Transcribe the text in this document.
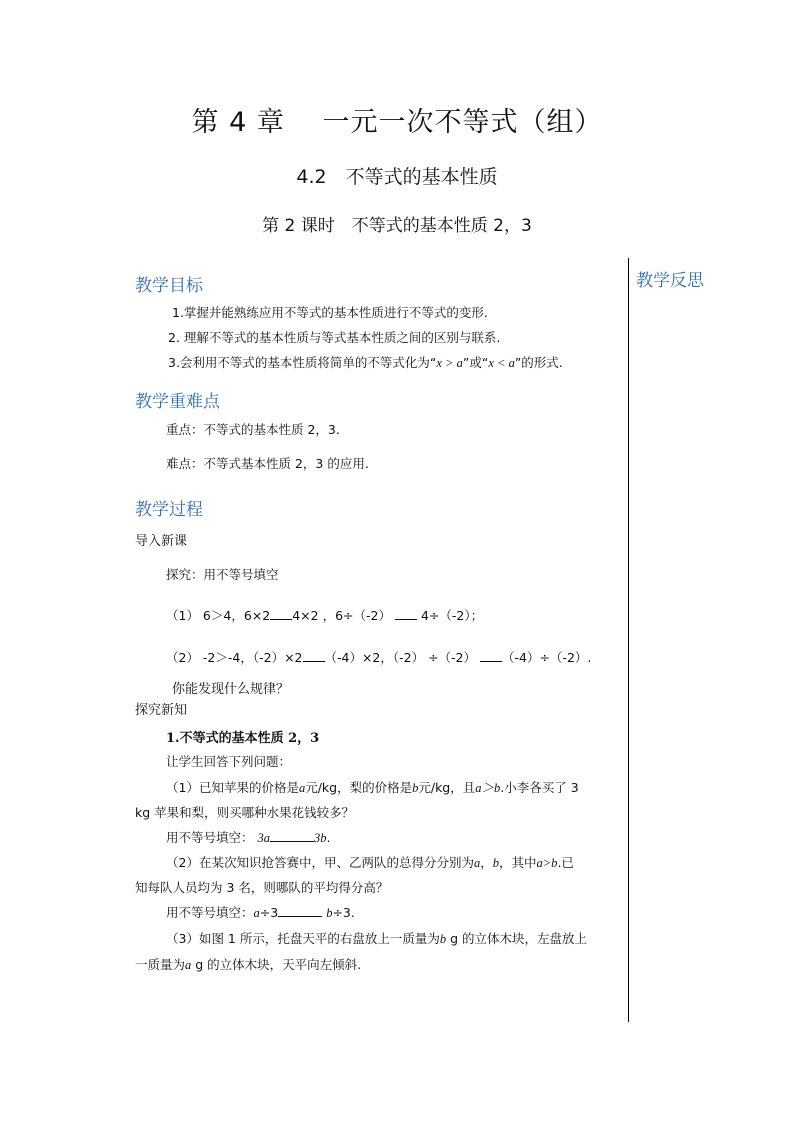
第 4 章　 一元一次不等式（组）
4.2　不等式的基本性质
第 2 课时　不等式的基本性质 2，3
教学反思
教学目标
1.掌握并能熟练应用不等式的基本性质进行不等式的变形.
2. 理解不等式的基本性质与等式基本性质之间的区别与联系.
3.会利用不等式的基本性质将简单的不等式化为“x > a”或“x < a”的形式.
教学重难点
重点：不等式的基本性质 2，3.
难点：不等式基本性质 2，3 的应用.
教学过程
导入新课
探究：用不等号填空
（1） 6＞4，6×2 4×2 ，6÷（-2） 4÷（-2）；
（2） -2＞-4，（-2）×2 （-4）×2，（-2） ÷（-2） （-4）÷（-2）.
你能发现什么规律？
探究新知
1.不等式的基本性质 2，3
让学生回答下列问题：
（1）已知苹果的价格是a元/kg，梨的价格是b元/kg，且a＞b.小李各买了 3
kg 苹果和梨，则买哪种水果花钱较多？
用不等号填空： 3a	3b.
（2）在某次知识抢答赛中，甲、乙两队的总得分分别为a，b，其中a>b.已
知每队人员均为 3 名，则哪队的平均得分高？
用不等号填空：a÷3	b÷3.
（3）如图 1 所示，托盘天平的右盘放上一质量为b g 的立体木块，左盘放上
一质量为a g 的立体木块，天平向左倾斜.
